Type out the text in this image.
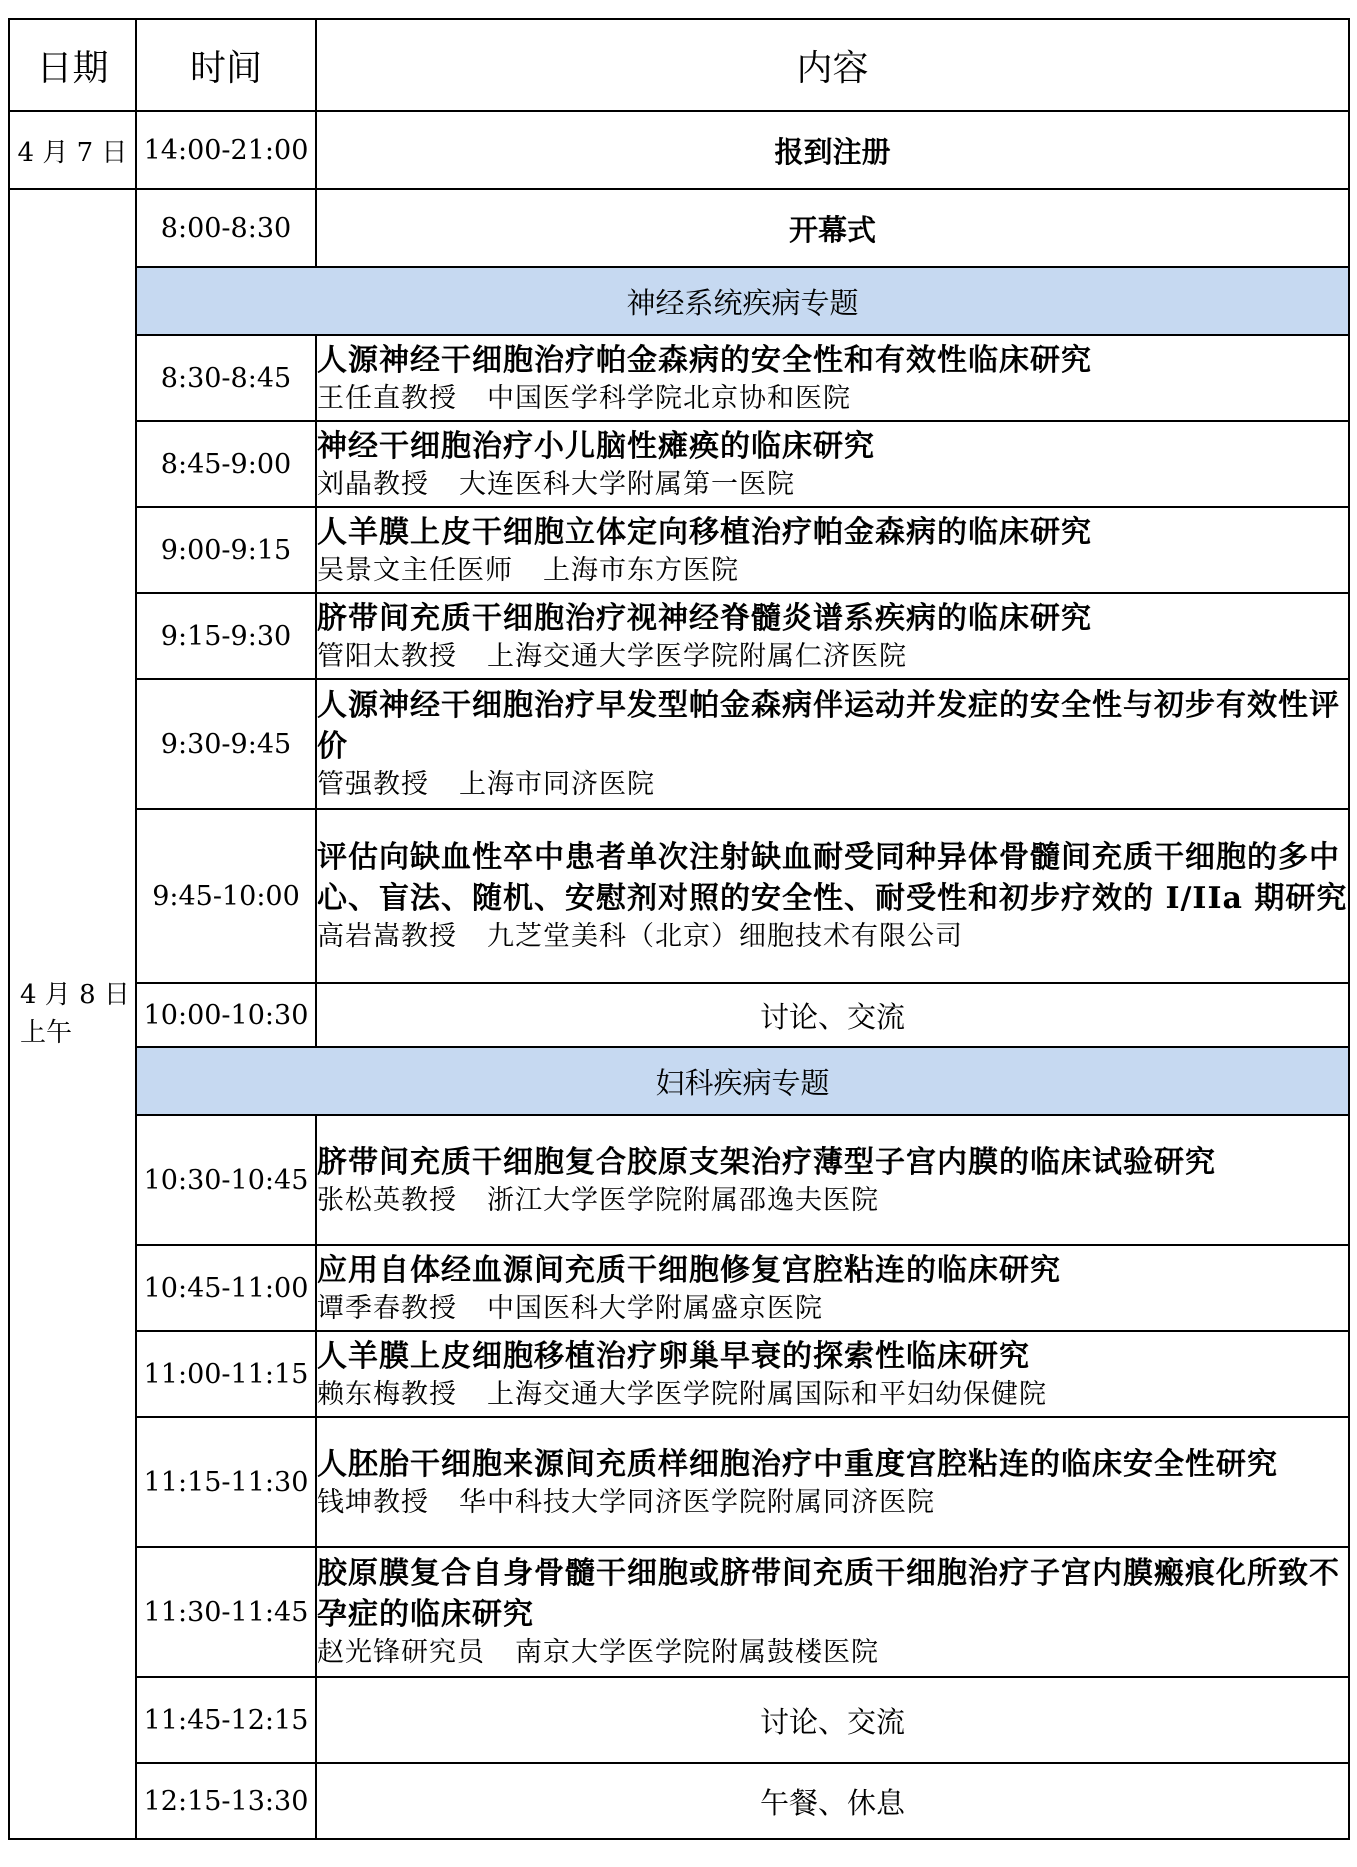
日期	时间	内容
4 月 7 日	14:00-21:00	报到注册

4 月 8 日
上午	8:00-8:30	开幕式
	神经系统疾病专题	
	8:30-8:45	人源神经干细胞治疗帕金森病的安全性和有效性临床研究
王任直教授 中国医学科学院北京协和医院

	8:45-9:00	神经干细胞治疗小儿脑性瘫痪的临床研究
刘晶教授 大连医科大学附属第一医院

	9:00-9:15	人羊膜上皮干细胞立体定向移植治疗帕金森病的临床研究
吴景文主任医师 上海市东方医院

	9:15-9:30	脐带间充质干细胞治疗视神经脊髓炎谱系疾病的临床研究
管阳太教授 上海交通大学医学院附属仁济医院

	9:30-9:45	人源神经干细胞治疗早发型帕金森病伴运动并发症的安全性与初步有效性评价
管强教授 上海市同济医院

	9:45-10:00	评估向缺血性卒中患者单次注射缺血耐受同种异体骨髓间充质干细胞的多中心、盲法、随机、安慰剂对照的安全性、耐受性和初步疗效的 I/IIa 期研究
高岩嵩教授 九芝堂美科（北京）细胞技术有限公司

	10:00-10:30	讨论、交流
	妇科疾病专题	
	10:30-10:45	脐带间充质干细胞复合胶原支架治疗薄型子宫内膜的临床试验研究
张松英教授 浙江大学医学院附属邵逸夫医院

	10:45-11:00	应用自体经血源间充质干细胞修复宫腔粘连的临床研究
谭季春教授 中国医科大学附属盛京医院

	11:00-11:15	人羊膜上皮细胞移植治疗卵巢早衰的探索性临床研究
赖东梅教授 上海交通大学医学院附属国际和平妇幼保健院

	11:15-11:30	人胚胎干细胞来源间充质样细胞治疗中重度宫腔粘连的临床安全性研究
钱坤教授 华中科技大学同济医学院附属同济医院

	11:30-11:45	胶原膜复合自身骨髓干细胞或脐带间充质干细胞治疗子宫内膜瘢痕化所致不孕症的临床研究
赵光锋研究员 南京大学医学院附属鼓楼医院

	11:45-12:15	讨论、交流
	12:15-13:30	午餐、休息
